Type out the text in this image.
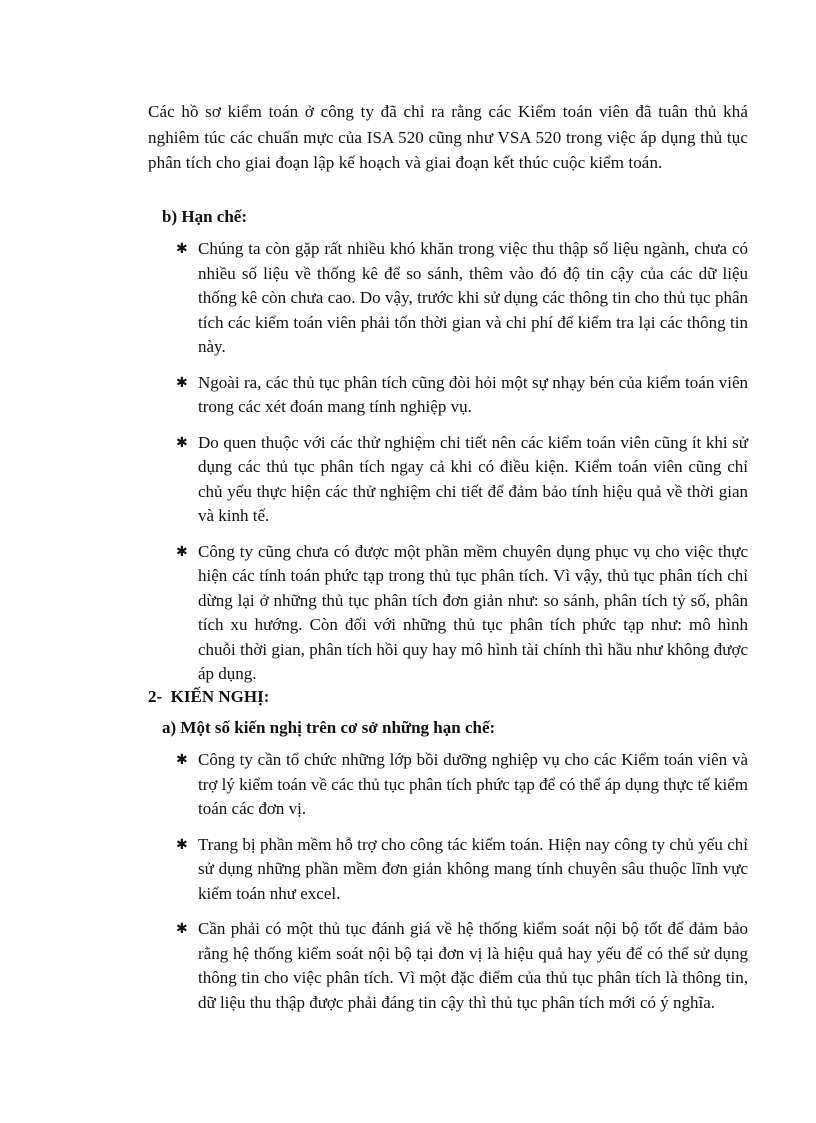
Các hồ sơ kiểm toán ở công ty đã chỉ ra rằng các Kiểm toán viên đã tuân thủ khá nghiêm túc các chuẩn mực của ISA 520 cũng như VSA 520 trong việc áp dụng thủ tục phân tích cho giai đoạn lập kế hoạch và giai đoạn kết thúc cuộc kiểm toán.

b) Hạn chế:
✱ Chúng ta còn gặp rất nhiều khó khăn trong việc thu thập số liệu ngành, chưa có nhiều số liệu về thống kê để so sánh, thêm vào đó độ tin cậy của các dữ liệu thống kê còn chưa cao. Do vậy, trước khi sử dụng các thông tin cho thủ tục phân tích các kiểm toán viên phải tốn thời gian và chi phí để kiểm tra lại các thông tin này.
✱ Ngoài ra, các thủ tục phân tích cũng đòi hỏi một sự nhạy bén của kiểm toán viên trong các xét đoán mang tính nghiệp vụ.
✱ Do quen thuộc với các thử nghiệm chi tiết nên các kiểm toán viên cũng ít khi sử dụng các thủ tục phân tích ngay cả khi có điều kiện. Kiểm toán viên cũng chỉ chủ yếu thực hiện các thử nghiệm chi tiết để đảm bảo tính hiệu quả về thời gian và kinh tế.
✱ Công ty cũng chưa có được một phần mềm chuyên dụng phục vụ cho việc thực hiện các tính toán phức tạp trong thủ tục phân tích. Vì vậy, thủ tục phân tích chỉ dừng lại ở những thủ tục phân tích đơn giản như: so sánh, phân tích tỷ số, phân tích xu hướng. Còn đối với những thủ tục phân tích phức tạp như: mô hình chuỗi thời gian, phân tích hồi quy hay mô hình tài chính thì hầu như không được áp dụng.
2-  KIẾN NGHỊ:
a) Một số kiến nghị trên cơ sở những hạn chế:
✱ Công ty cần tổ chức những lớp bồi dưỡng nghiệp vụ cho các Kiểm toán viên và trợ lý kiểm toán về các thủ tục phân tích phức tạp để có thể áp dụng thực tế kiểm toán các đơn vị.
✱ Trang bị phần mềm hỗ trợ cho công tác kiểm toán. Hiện nay công ty chủ yếu chỉ sử dụng những phần mềm đơn giản không mang tính chuyên sâu thuộc lĩnh vực kiểm toán như excel.
✱ Cần phải có một thủ tục đánh giá về hệ thống kiểm soát nội bộ tốt để đảm bảo rằng hệ thống kiểm soát nội bộ tại đơn vị là hiệu quả hay yếu để có thể sử dụng thông tin cho việc phân tích. Vì một đặc điểm của thủ tục phân tích là thông tin, dữ liệu thu thập được phải đáng tin cậy thì thủ tục phân tích mới có ý nghĩa.
